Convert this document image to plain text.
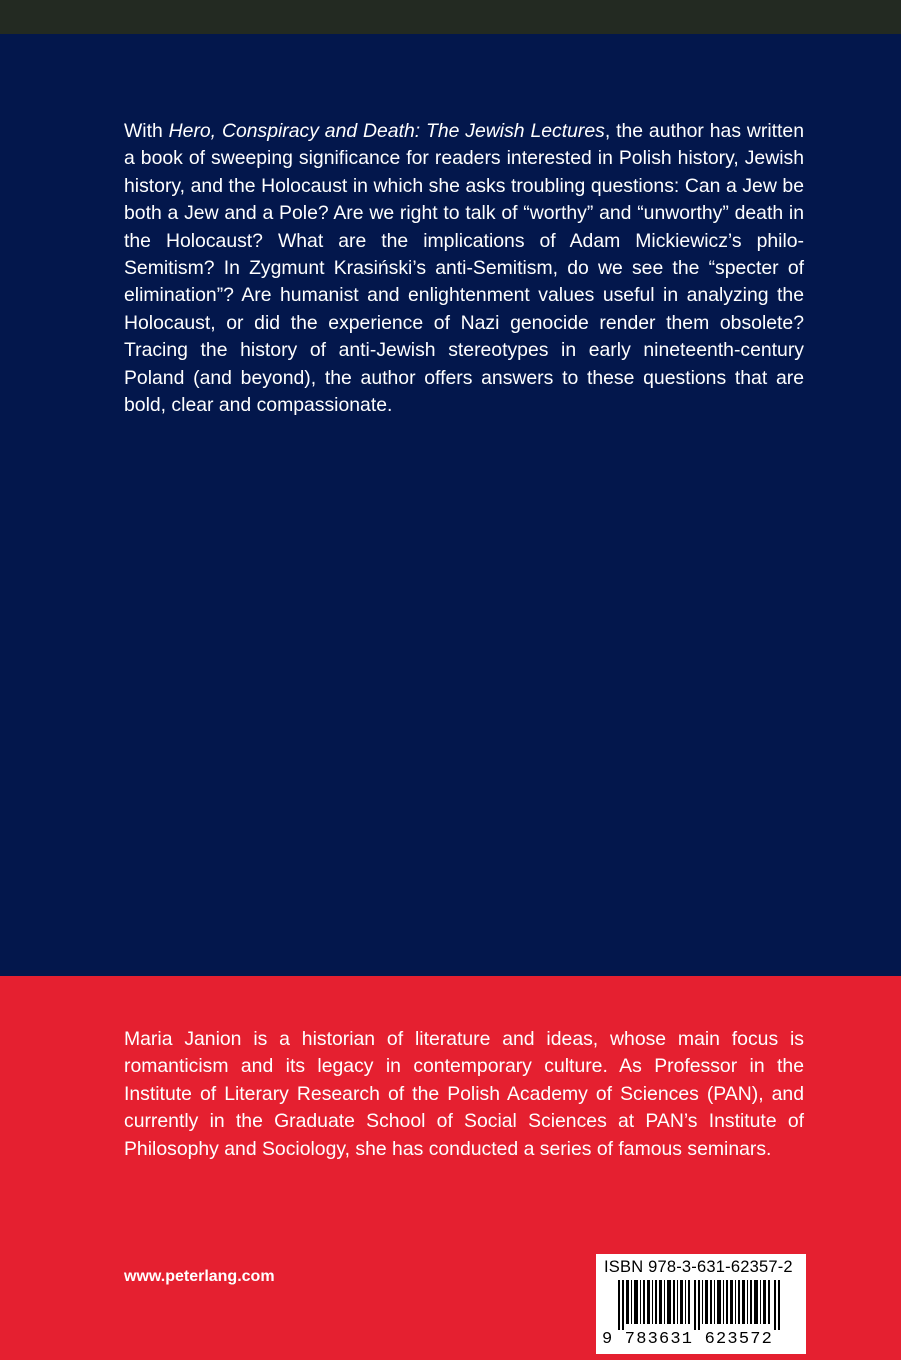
With Hero, Conspiracy and Death: The Jewish Lectures, the author has written a book of sweeping significance for readers interested in Polish history, Jewish history, and the Holocaust in which she asks troubling questions: Can a Jew be both a Jew and a Pole? Are we right to talk of “worthy” and “unworthy” death in the Holocaust? What are the implications of Adam Mickiewicz’s philo-Semitism? In Zygmunt Krasiński’s anti-Semitism, do we see the “specter of elimination”? Are humanist and enlightenment values useful in analyzing the Holocaust, or did the experience of Nazi genocide render them obsolete? Tracing the history of anti-Jewish stereotypes in early nineteenth-century Poland (and beyond), the author offers answers to these questions that are bold, clear and compassionate.

Maria Janion is a historian of literature and ideas, whose main focus is romanticism and its legacy in contemporary culture. As Professor in the Institute of Literary Research of the Polish Academy of Sciences (PAN), and currently in the Graduate School of Social Sciences at PAN’s Institute of Philosophy and Sociology, she has conducted a series of famous seminars.

www.peterlang.com
ISBN 978-3-631-62357-2
9 783631 623572
